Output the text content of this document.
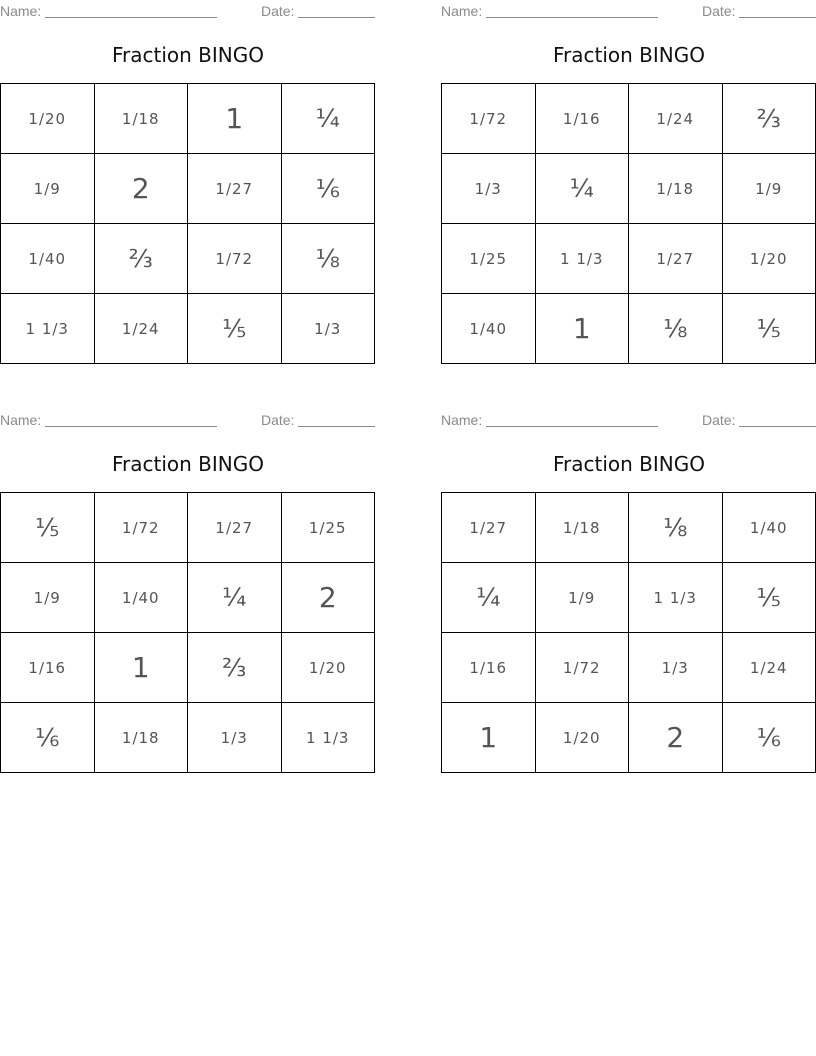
Name:	Date:
Fraction BINGO
1/20	1/18	1	¼
1/9	2	1/27	⅙
1/40	⅔	1/72	⅛
1 1/3	1/24	⅕	1/3
Name:	Date:
Fraction BINGO
1/72	1/16	1/24	⅔
1/3	¼	1/18	1/9
1/25	1 1/3	1/27	1/20
1/40	1	⅛	⅕
Name:	Date:
Fraction BINGO
⅕	1/72	1/27	1/25
1/9	1/40	¼	2
1/16	1	⅔	1/20
⅙	1/18	1/3	1 1/3
Name:	Date:
Fraction BINGO
1/27	1/18	⅛	1/40
¼	1/9	1 1/3	⅕
1/16	1/72	1/3	1/24
1	1/20	2	⅙
